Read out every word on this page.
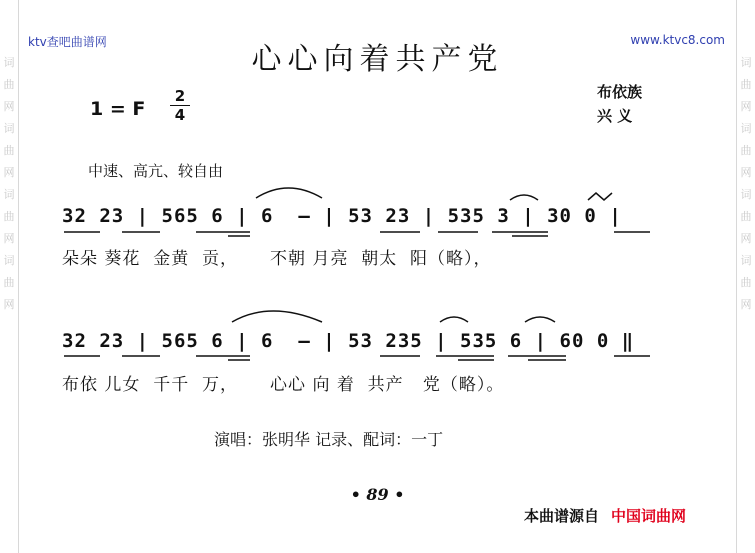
词曲网词曲网词曲网词曲网
词曲网词曲网词曲网词曲网
ktv查吧曲谱网	www.ktvc8.com
心心向着共产党
1 = F
2
4
布依族
兴 义
中速、高亢、较自由
32 23 | 565 6 | 6  – | 53 23 | 535 3 | 30 0 |
朵朵 葵花  金黄  贡，     不朝 月亮  朝太  阳（略），
32 23 | 565 6 | 6  – | 53 235 | 535 6 | 60 0 ‖
布依 儿女  千千  万，     心心 向 着  共产   党（略）。
演唱：张明华 记录、配词：一丁
• 89 •
本曲谱源自 中国词曲网
